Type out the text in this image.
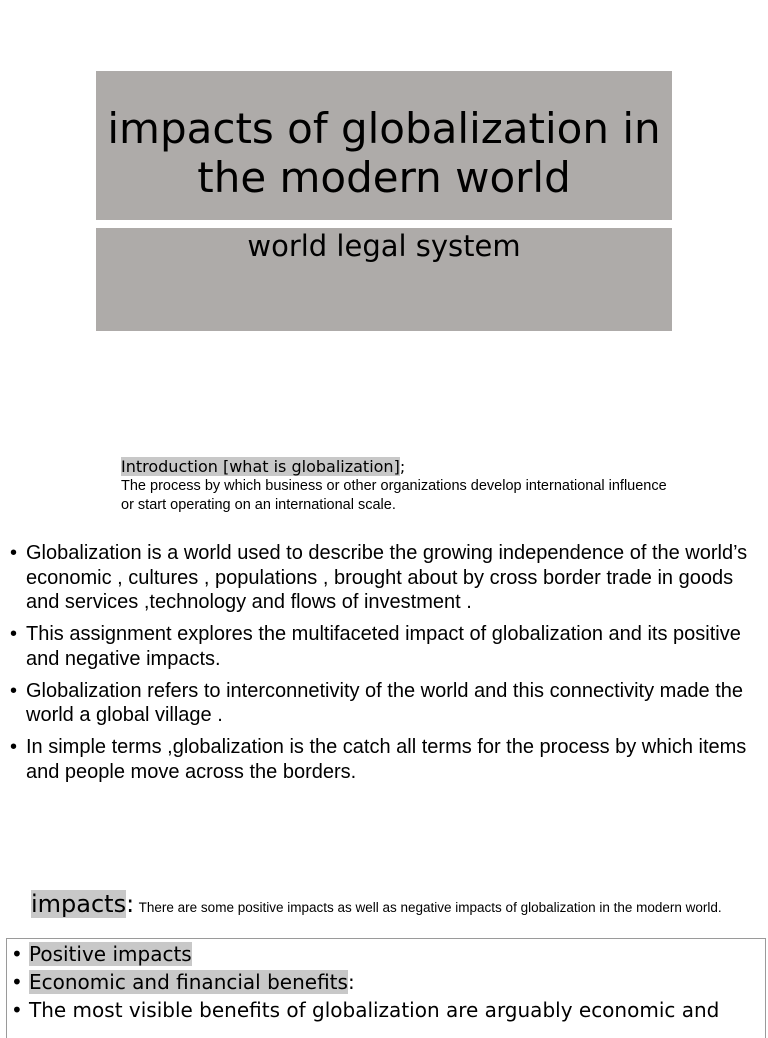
impacts of globalization in the modern world
world legal system
Introduction [what is globalization];
The process by which business or other organizations develop international influence or start operating on an international scale.
• Globalization is a world used to describe the growing independence of the world’s economic , cultures , populations , brought about by cross border trade in goods and services ,technology and flows of investment .
• This assignment explores the multifaceted impact of globalization and its positive and negative impacts.
• Globalization refers to interconnetivity of the world and this connectivity made the world a global village .
• In simple terms ,globalization is the catch all terms for the process by which items and people move across the borders.
impacts: There are some positive impacts as well as negative impacts of globalization in the modern world.
• Positive impacts
• Economic and financial benefits:
• The most visible benefits of globalization are arguably economic and
